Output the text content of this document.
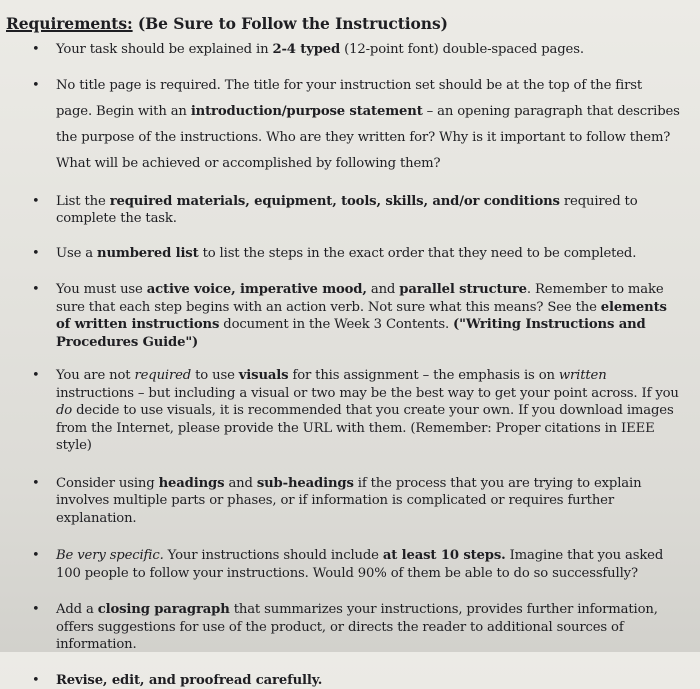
Requirements: (Be Sure to Follow the Instructions)
• Your task should be explained in 2-4 typed (12-point font) double-spaced pages.
• No title page is required. The title for your instruction set should be at the top of the first page. Begin with an introduction/purpose statement – an opening paragraph that describes the purpose of the instructions. Who are they written for? Why is it important to follow them? What will be achieved or accomplished by following them?
• List the required materials, equipment, tools, skills, and/or conditions required to complete the task.
• Use a numbered list to list the steps in the exact order that they need to be completed.
• You must use active voice, imperative mood, and parallel structure. Remember to make sure that each step begins with an action verb. Not sure what this means? See the elements of written instructions document in the Week 3 Contents. ("Writing Instructions and Procedures Guide")
• You are not required to use visuals for this assignment – the emphasis is on written instructions – but including a visual or two may be the best way to get your point across. If you do decide to use visuals, it is recommended that you create your own. If you download images from the Internet, please provide the URL with them. (Remember: Proper citations in IEEE style)
• Consider using headings and sub-headings if the process that you are trying to explain involves multiple parts or phases, or if information is complicated or requires further explanation.
• Be very specific. Your instructions should include at least 10 steps. Imagine that you asked 100 people to follow your instructions. Would 90% of them be able to do so successfully?
• Add a closing paragraph that summarizes your instructions, provides further information, offers suggestions for use of the product, or directs the reader to additional sources of information.
• Revise, edit, and proofread carefully.
